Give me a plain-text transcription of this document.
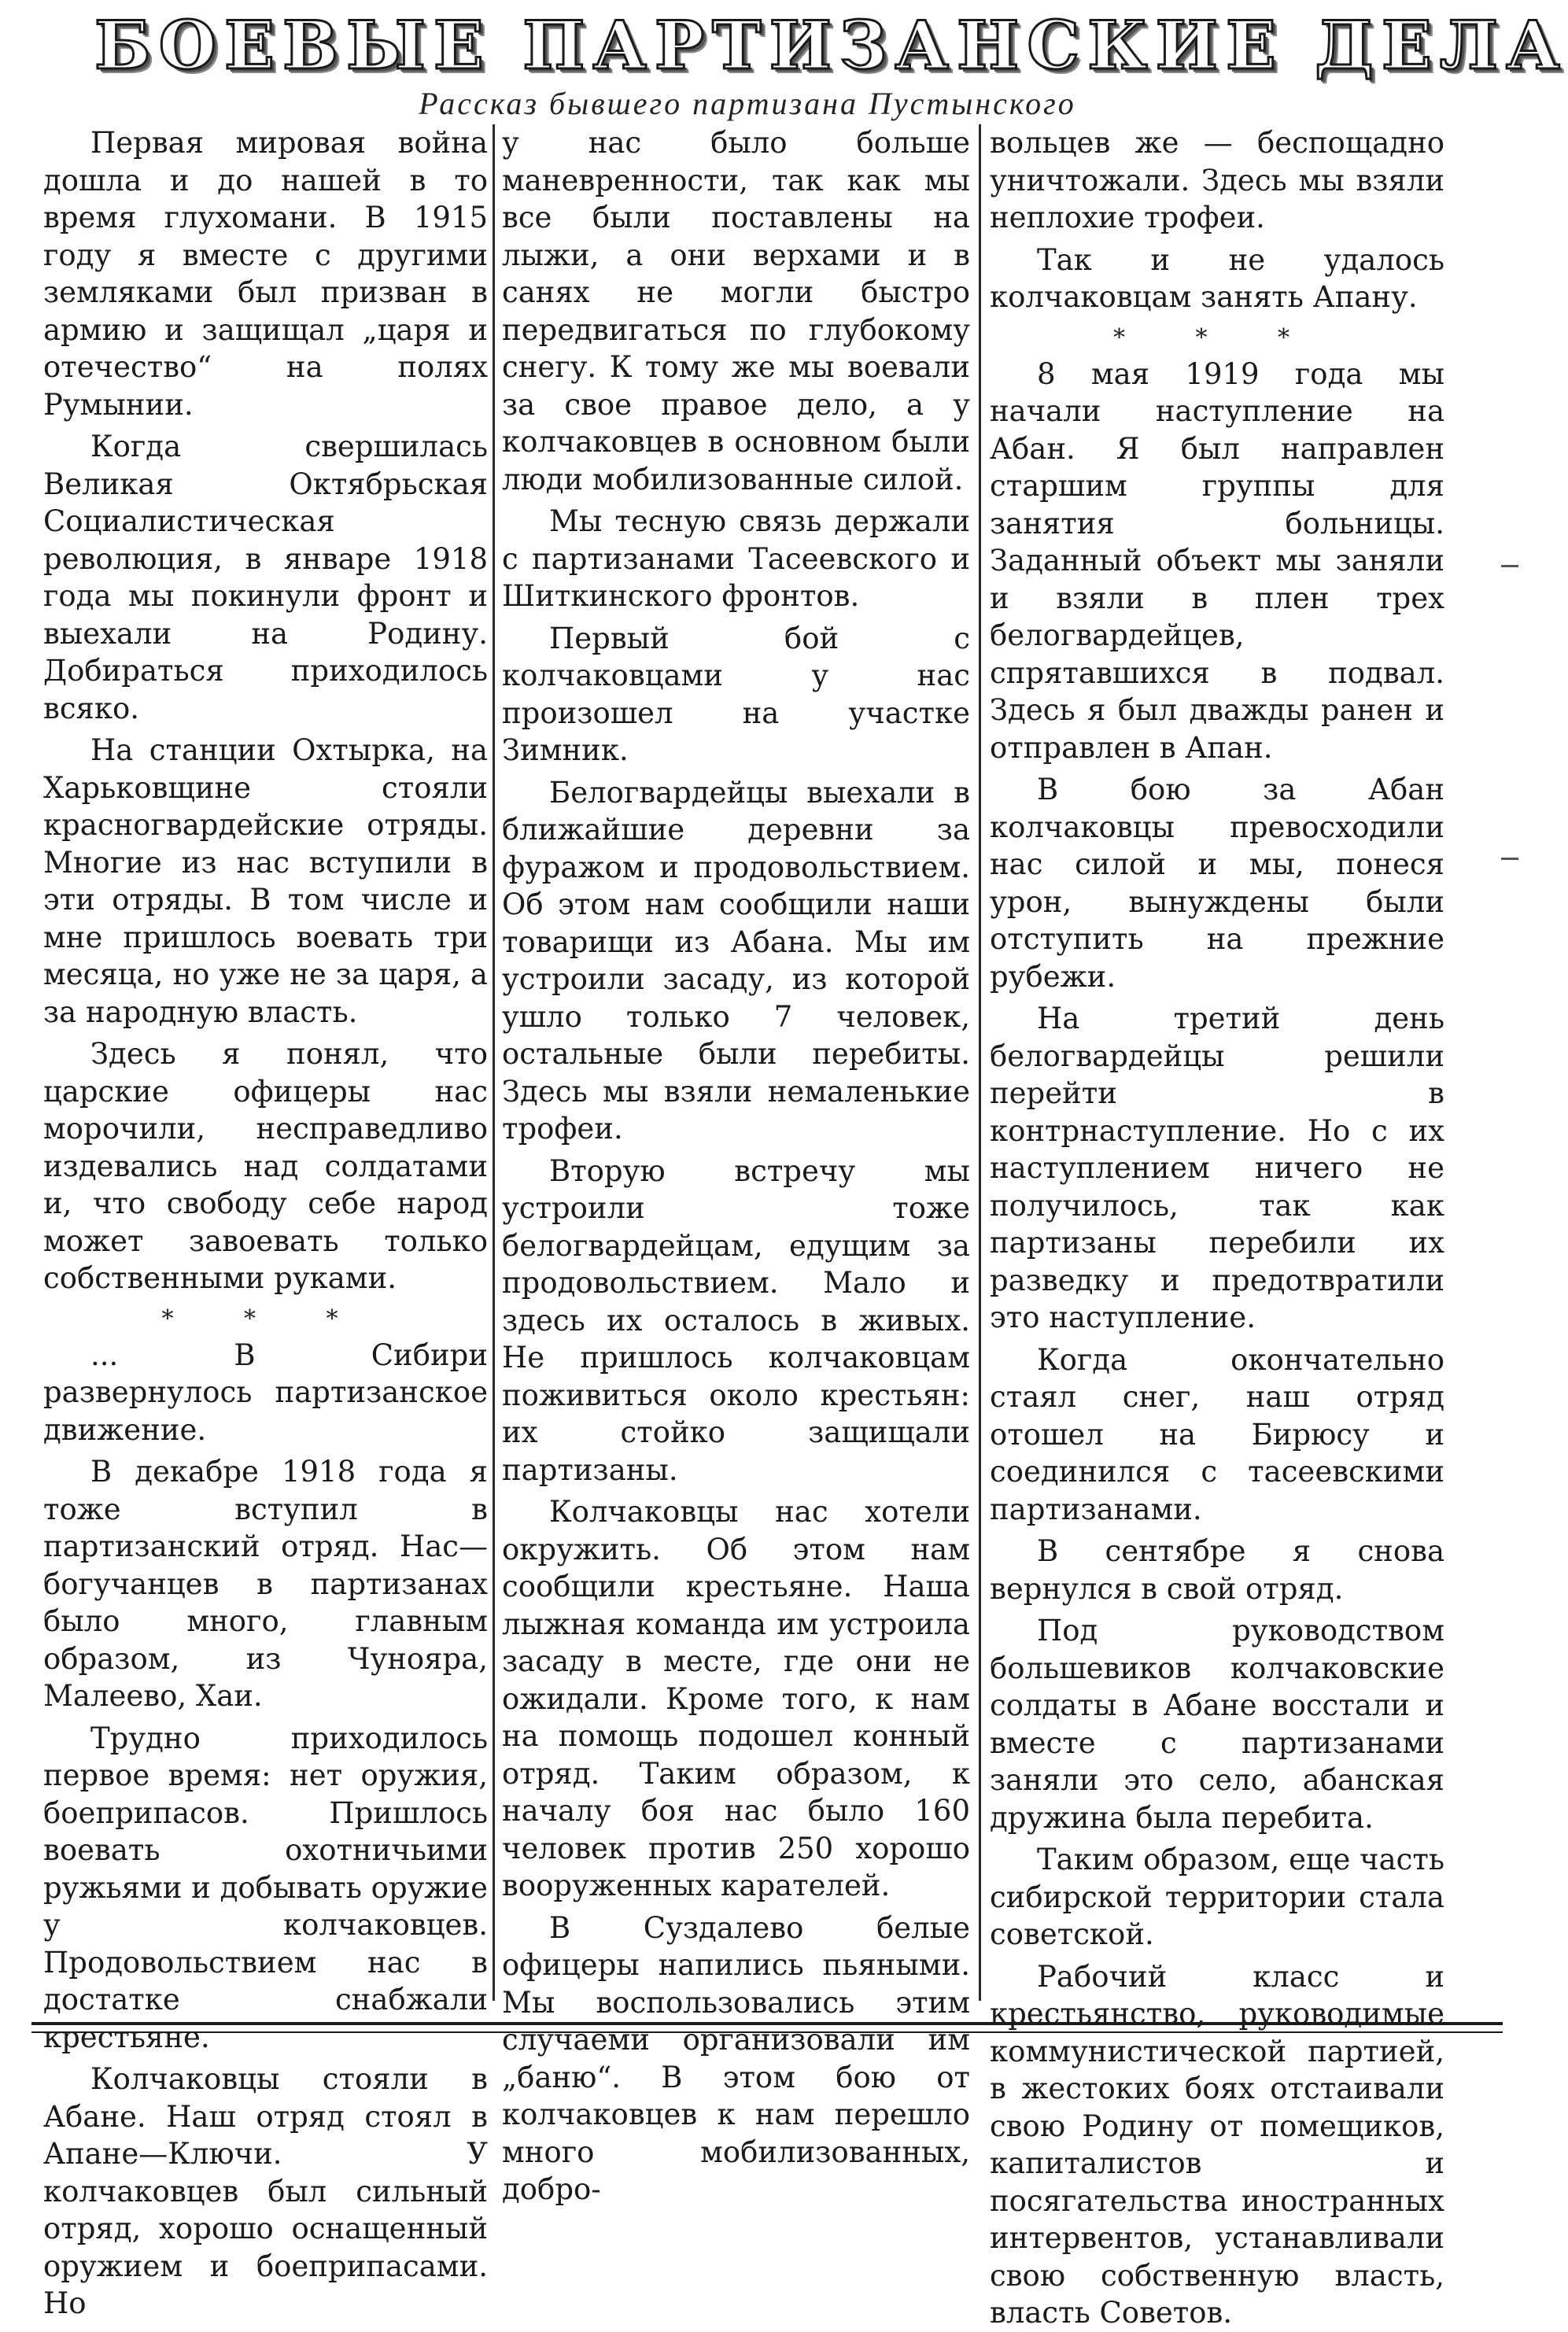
БОЕВЫЕ ПАРТИЗАНСКИЕ ДЕЛА
Рассказ бывшего партизана Пустынского

Первая мировая война дошла и до нашей в то время глухомани. В 1915 году я вместе с другими земляками был призван в армию и защищал „царя и отечество“ на полях Румынии.

Когда свершилась Великая Октябрьская Социалистическая революция, в январе 1918 года мы покинули фронт и выехали на Родину. Добираться приходилось всяко.

На станции Охтырка, на Харьковщине стояли красногвардейские отряды. Многие из нас вступили в эти отряды. В том числе и мне пришлось воевать три месяца, но уже не за царя, а за народную власть.

Здесь я понял, что царские офицеры нас морочили, несправедливо издевались над солдатами и, что свободу себе народ может завоевать только собственными руками.

* * *

... В Сибири развернулось партизанское движение.

В декабре 1918 года я тоже вступил в партизанский отряд. Нас—богучанцев в партизанах было много, главным образом, из Чуноярa, Малеево, Хаи.

Трудно приходилось первое время: нет оружия, боеприпасов. Пришлось воевать охотничьими ружьями и добывать оружие у колчаковцев. Продовольствием нас в достатке снабжали крестьяне.

Колчаковцы стояли в Абане. Наш отряд стоял в Апане—Ключи. У колчаковцев был сильный отряд, хорошо оснащенный оружием и боеприпасами. Но

у нас было больше маневренности, так как мы все были поставлены на лыжи, а они верхами и в санях не могли быстро передвигаться по глубокому снегу. К тому же мы воевали за свое правое дело, а у колчаковцев в основном были люди мобилизованные силой.

Мы тесную связь держали с партизанами Тасеевского и Шиткинского фронтов.

Первый бой с колчаковцами у нас произошел на участке Зимник.

Белогвардейцы выехали в ближайшие деревни за фуражом и продовольствием. Об этом нам сообщили наши товарищи из Абана. Мы им устроили засаду, из которой ушло только 7 человек, остальные были перебиты. Здесь мы взяли немаленькие трофеи.

Вторую встречу мы устроили тоже белогвардейцам, едущим за продовольствием. Мало и здесь их осталось в живых. Не пришлось колчаковцам поживиться около крестьян: их стойко защищали партизаны.

Колчаковцы нас хотели окружить. Об этом нам сообщили крестьяне. Наша лыжная команда им устроила засаду в месте, где они не ожидали. Кроме того, к нам на помощь подошел конный отряд. Таким образом, к началу боя нас было 160 человек против 250 хорошо вооруженных карателей.

В Суздалево белые офицеры напились пьяными. Мы воспользовались этим случаеми организовали им „баню“. В этом бою от колчаковцев к нам перешло много мобилизованных, добро-

вольцев же — беспощадно уничтожали. Здесь мы взяли неплохие трофеи.

Так и не удалось колчаковцам занять Апану.

* * *

8 мая 1919 года мы начали наступление на Абан. Я был направлен старшим группы для занятия больницы. Заданный объект мы заняли и взяли в плен трех белогвардейцев, спрятавшихся в подвал. Здесь я был дважды ранен и отправлен в Апан.

В бою за Абан колчаковцы превосходили нас силой и мы, понеся урон, вынуждены были отступить на прежние рубежи.

На третий день белогвардейцы решили перейти в контрнаступление. Но с их наступлением ничего не получилось, так как партизаны перебили их разведку и предотвратили это наступление.

Когда окончательно стаял снег, наш отряд отошел на Бирюсу и соединился с тасеевскими партизанами.

В сентябре я снова вернулся в свой отряд.

Под руководством большевиков колчаковские солдаты в Абане восстали и вместе с партизанами заняли это село, абанская дружина была перебита.

Таким образом, еще часть сибирской территории стала советской.

Рабочий класс и крестьянство, руководимые коммунистической партией, в жестоких боях отстаивали свою Родину от помещиков, капиталистов и посягательства иностранных интервентов, устанавливали свою собственную власть, власть Советов.
